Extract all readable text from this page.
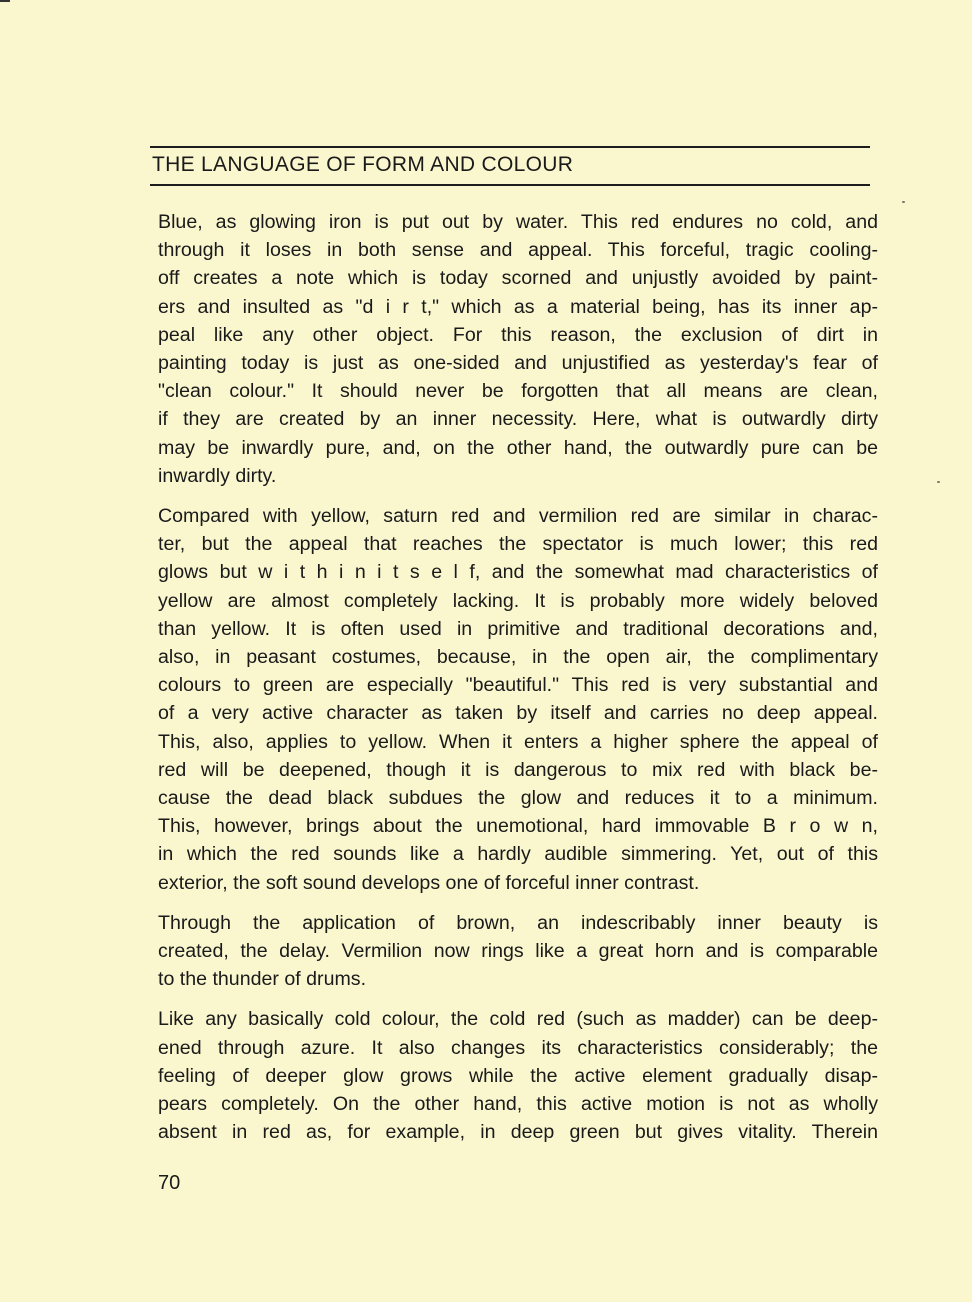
THE LANGUAGE OF FORM AND COLOUR

Blue, as glowing iron is put out by water. This red endures no cold, and
through it loses in both sense and appeal. This forceful, tragic cooling-
off creates a note which is today scorned and unjustly avoided by paint-
ers and insulted as "d i r t," which as a material being, has its inner ap-
peal like any other object. For this reason, the exclusion of dirt in
painting today is just as one-sided and unjustified as yesterday's fear of
"clean colour." It should never be forgotten that all means are clean,
if they are created by an inner necessity. Here, what is outwardly dirty
may be inwardly pure, and, on the other hand, the outwardly pure can be
inwardly dirty.

Compared with yellow, saturn red and vermilion red are similar in charac-
ter, but the appeal that reaches the spectator is much lower; this red
glows but w i t h i n i t s e l f, and the somewhat mad characteristics of
yellow are almost completely lacking. It is probably more widely beloved
than yellow. It is often used in primitive and traditional decorations and,
also, in peasant costumes, because, in the open air, the complimentary
colours to green are especially "beautiful." This red is very substantial and
of a very active character as taken by itself and carries no deep appeal.
This, also, applies to yellow. When it enters a higher sphere the appeal of
red will be deepened, though it is dangerous to mix red with black be-
cause the dead black subdues the glow and reduces it to a minimum.
This, however, brings about the unemotional, hard immovable B r o w n,
in which the red sounds like a hardly audible simmering. Yet, out of this
exterior, the soft sound develops one of forceful inner contrast.

Through the application of brown, an indescribably inner beauty is
created, the delay. Vermilion now rings like a great horn and is comparable
to the thunder of drums.

Like any basically cold colour, the cold red (such as madder) can be deep-
ened through azure. It also changes its characteristics considerably; the
feeling of deeper glow grows while the active element gradually disap-
pears completely. On the other hand, this active motion is not as wholly
absent in red as, for example, in deep green but gives vitality. Therein

70
